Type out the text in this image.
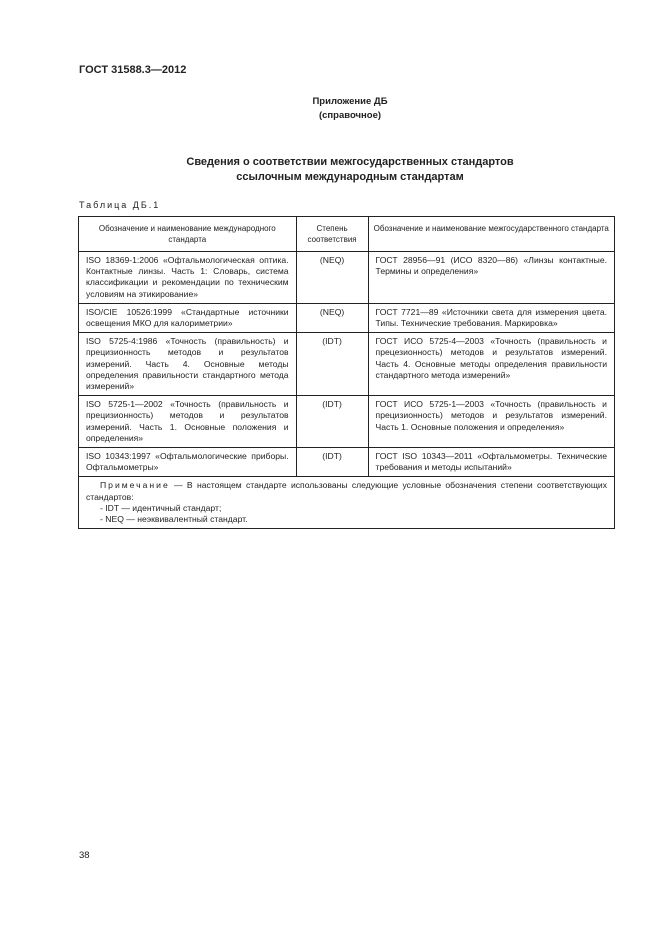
ГОСТ 31588.3—2012
Приложение ДБ
(справочное)
Сведения о соответствии межгосударственных стандартов
ссылочным международным стандартам
Таблица ДБ.1
Обозначение и наименование международного стандарта	Степень соответствия	Обозначение и наименование межгосударственного стандарта
ISO 18369-1:2006 «Офтальмологическая оптика. Контактные линзы. Часть 1: Словарь, система классификации и рекомендации по техническим условиям на этикирование»	(NEQ)	ГОСТ 28956—91 (ИСО 8320—86) «Линзы контактные. Термины и определения»
ISO/CIE 10526:1999 «Стандартные источники освещения МКО для калориметрии»	(NEQ)	ГОСТ 7721—89 «Источники света для измерения цвета. Типы. Технические требования. Маркировка»
ISO 5725-4:1986 «Точность (правильность) и прецизионность методов и результатов измерений. Часть 4. Основные методы определения правильности стандартного метода измерений»	(IDT)	ГОСТ ИСО 5725-4—2003 «Точность (правильность и прецезионность) методов и результатов измерений. Часть 4. Основные методы определения правильности стандартного метода измерений»
ISO 5725-1—2002 «Точность (правильность и прецизионность) методов и результатов измерений. Часть 1. Основные положения и определения»	(IDT)	ГОСТ ИСО 5725-1—2003 «Точность (правильность и прецизионность) методов и результатов измерений. Часть 1. Основные положения и определения»
ISO 10343:1997 «Офтальмологические приборы. Офтальмометры»	(IDT)	ГОСТ ISO 10343—2011 «Офтальмометры. Технические требования и методы испытаний»

Примечание — В настоящем стандарте использованы следующие условные обозначения степени соответствующих стандартов:
- IDT — идентичный стандарт;
- NEQ — неэквивалентный стандарт.		
38
